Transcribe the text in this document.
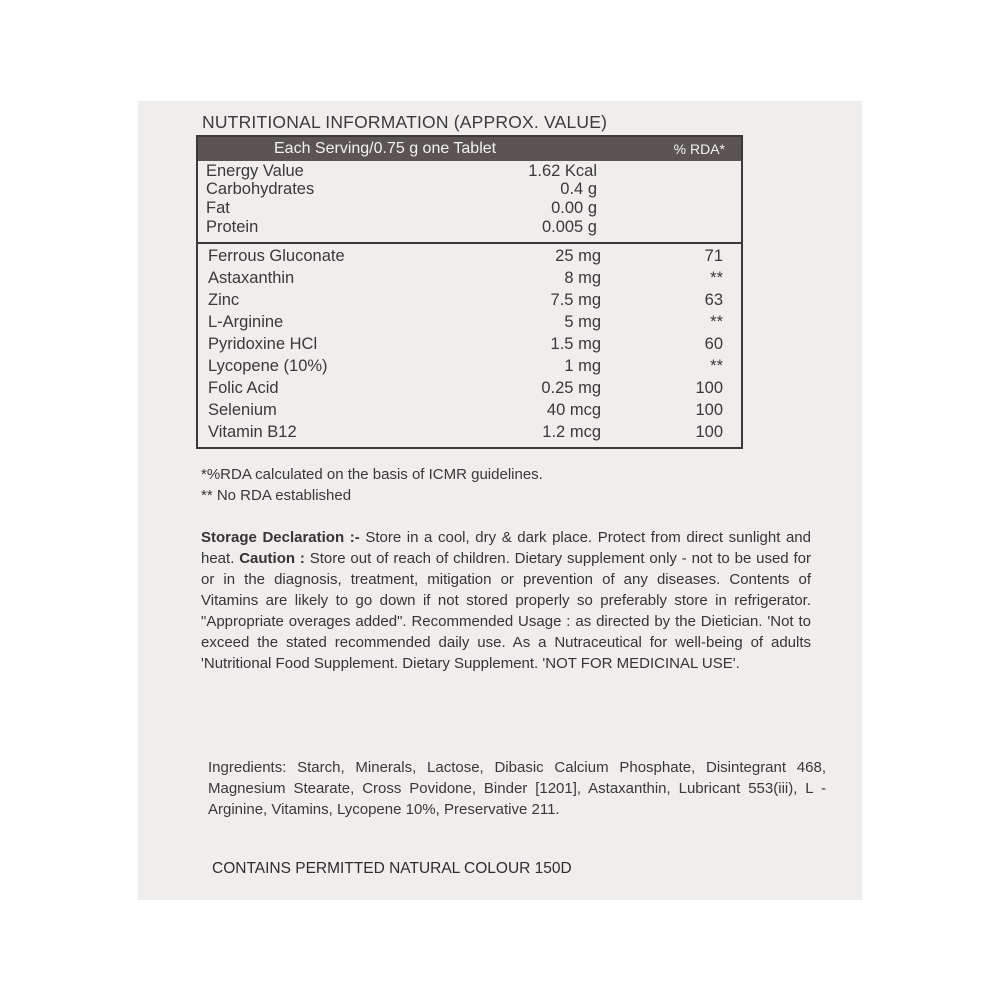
NUTRITIONAL INFORMATION (APPROX. VALUE)
Each Serving/0.75 g one Tablet	% RDA*
Energy Value	1.62 Kcal
Carbohydrates	0.4 g
Fat	0.00 g
Protein	0.005 g
Ferrous Gluconate	25 mg	71
Astaxanthin	8 mg	**
Zinc	7.5 mg	63
L-Arginine	5 mg	**
Pyridoxine HCl	1.5 mg	60
Lycopene (10%)	1 mg	**
Folic Acid	0.25 mg	100
Selenium	40 mcg	100
Vitamin B12	1.2 mcg	100
*%RDA calculated on the basis of ICMR guidelines.
** No RDA established
Storage Declaration :- Store in a cool, dry & dark place. Protect from direct sunlight and heat. Caution : Store out of reach of children. Dietary supplement only - not to be used for or in the diagnosis, treatment, mitigation or prevention of any diseases. Contents of Vitamins are likely to go down if not stored properly so preferably store in refrigerator. "Appropriate overages added". Recommended Usage : as directed by the Dietician. 'Not to exceed the stated recommended daily use. As a Nutraceutical for well-being of adults 'Nutritional Food Supplement. Dietary Supplement. 'NOT FOR MEDICINAL USE'.
Ingredients: Starch, Minerals, Lactose, Dibasic Calcium Phosphate, Disintegrant 468, Magnesium Stearate, Cross Povidone, Binder [1201], Astaxanthin, Lubricant 553(iii), L - Arginine, Vitamins, Lycopene 10%, Preservative 211.
CONTAINS PERMITTED NATURAL COLOUR 150D
